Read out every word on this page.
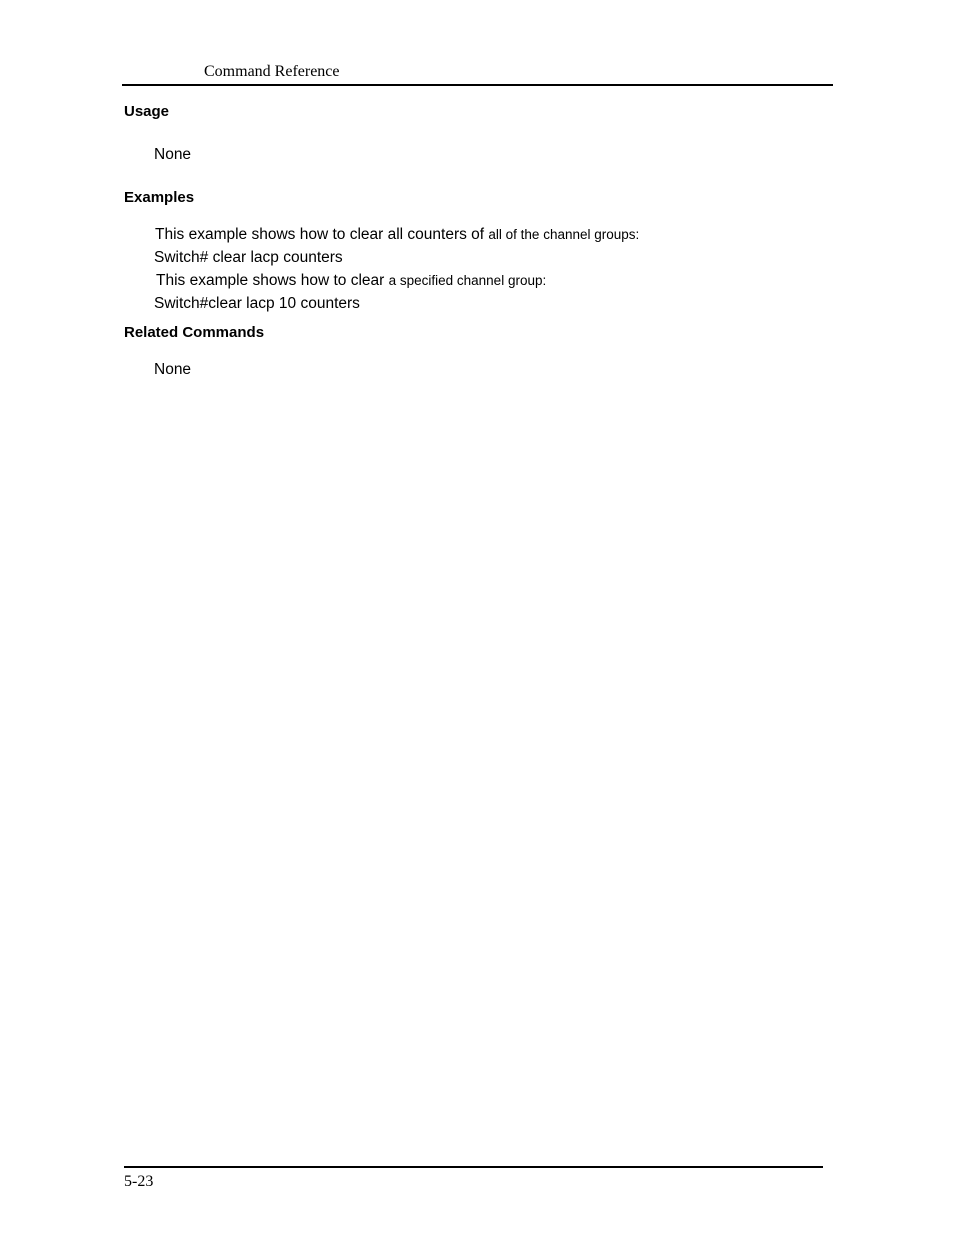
Command Reference
Usage
None
Examples
This example shows how to clear all counters of all of the channel groups:
Switch# clear lacp counters
This example shows how to clear a specified channel group:
Switch#clear lacp 10 counters
Related Commands
None
5-23
